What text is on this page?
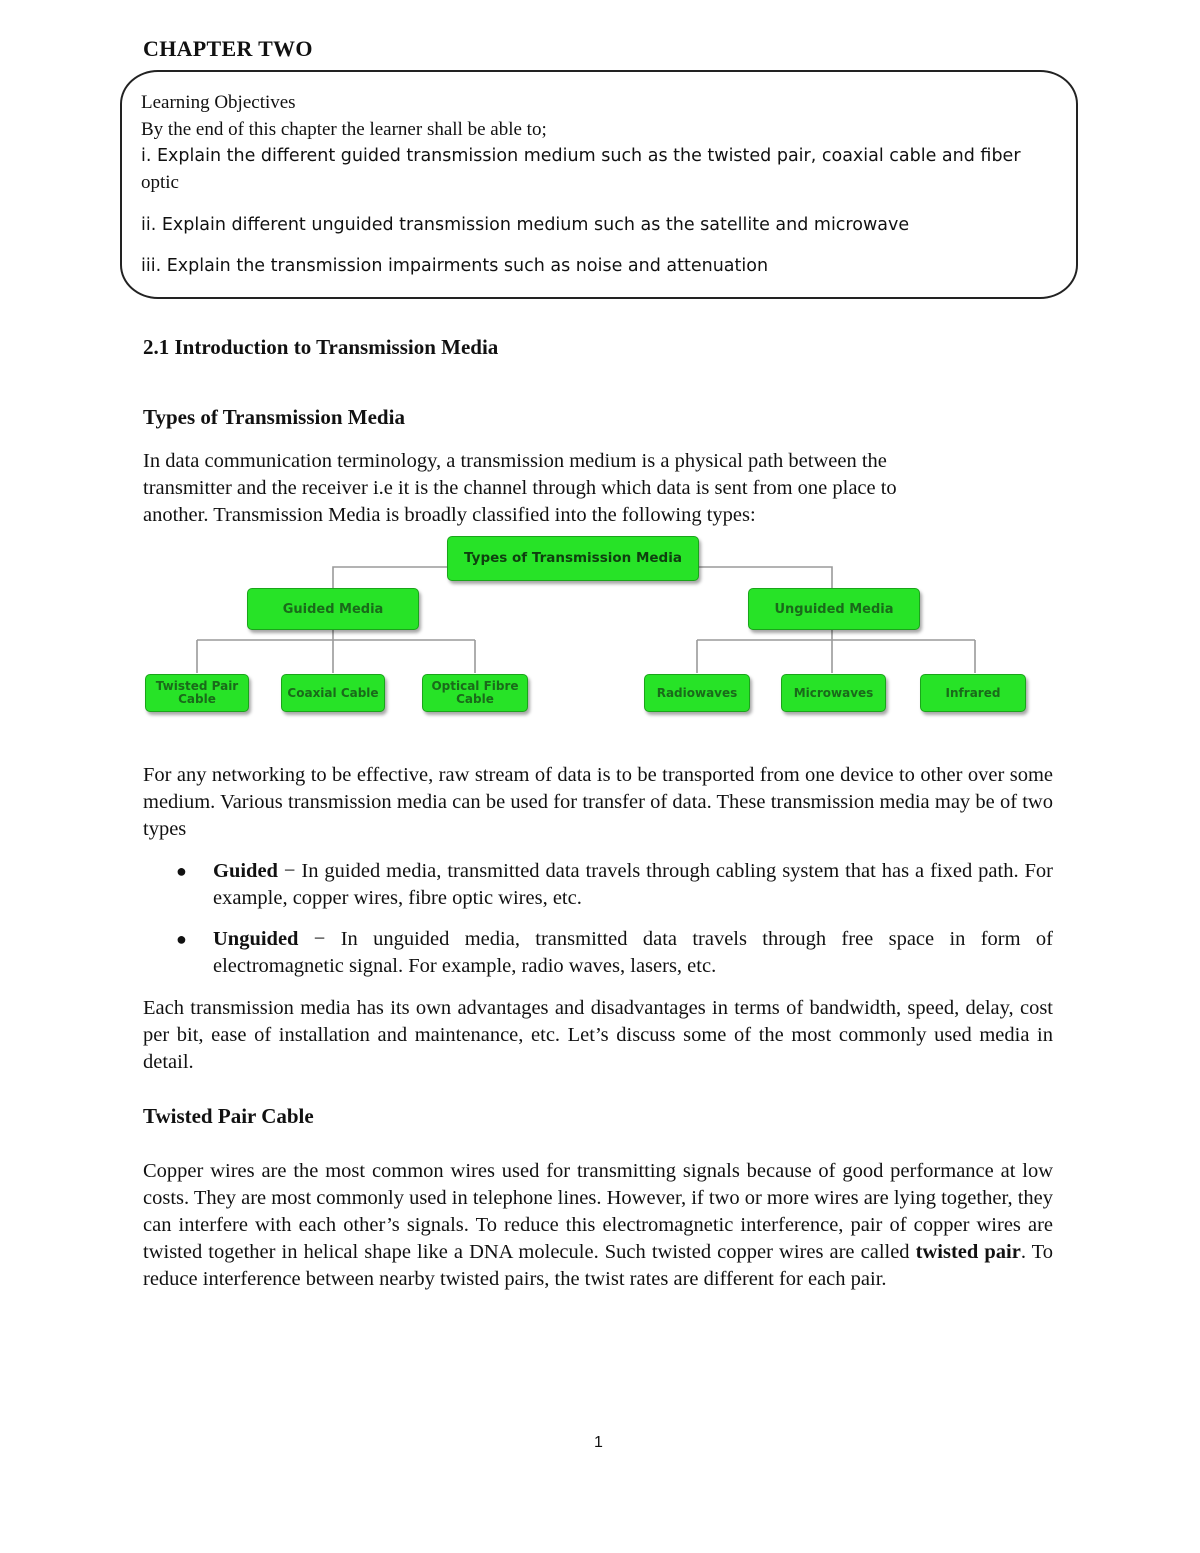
CHAPTER TWO
Learning Objectives
By the end of this chapter the learner shall be able to;
i. Explain the different guided transmission medium such as the twisted pair, coaxial cable and fiber
optic
ii. Explain different unguided transmission medium such as the satellite and microwave
iii. Explain the transmission impairments such as noise and attenuation
2.1 Introduction to Transmission Media
Types of Transmission Media
In data communication terminology, a transmission medium is a physical path between the
transmitter and the receiver i.e it is the channel through which data is sent from one place to
another. Transmission Media is broadly classified into the following types:
Types of Transmission Media
Guided Media	Unguided Media
Twisted Pair Cable	Coaxial Cable	Optical Fibre Cable	Radiowaves	Microwaves	Infrared
For any networking to be effective, raw stream of data is to be transported from one device to other over some medium. Various transmission media can be used for transfer of data. These transmission media may be of two types
● Guided − In guided media, transmitted data travels through cabling system that has a fixed path. For example, copper wires, fibre optic wires, etc.
● Unguided − In unguided media, transmitted data travels through free space in form of electromagnetic signal. For example, radio waves, lasers, etc.
Each transmission media has its own advantages and disadvantages in terms of bandwidth, speed, delay, cost per bit, ease of installation and maintenance, etc. Let’s discuss some of the most commonly used media in detail.
Twisted Pair Cable
Copper wires are the most common wires used for transmitting signals because of good performance at low costs. They are most commonly used in telephone lines. However, if two or more wires are lying together, they can interfere with each other’s signals. To reduce this electromagnetic interference, pair of copper wires are twisted together in helical shape like a DNA molecule. Such twisted copper wires are called twisted pair. To reduce interference between nearby twisted pairs, the twist rates are different for each pair.
1
